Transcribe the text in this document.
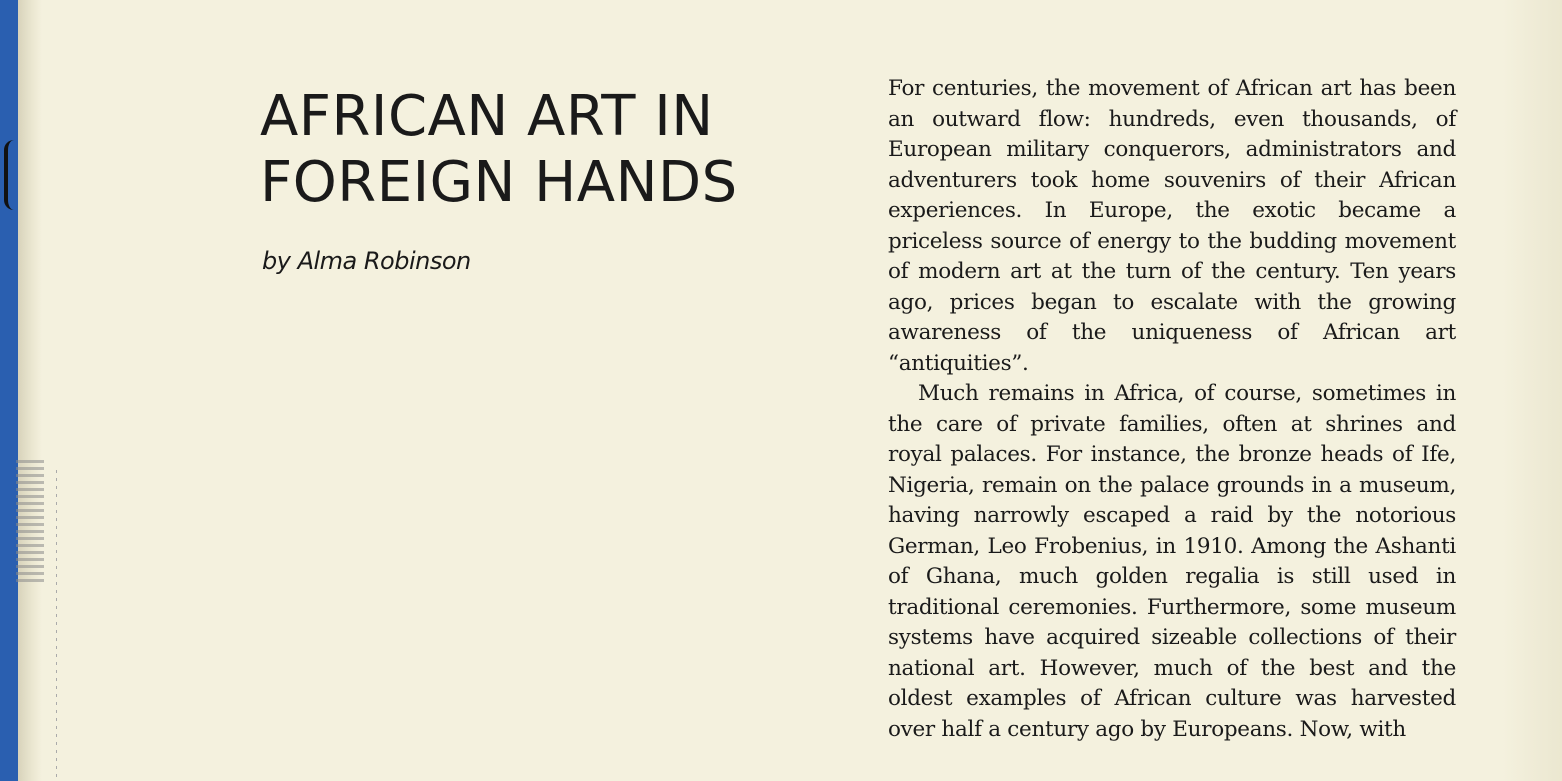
AFRICAN ART IN
FOREIGN HANDS

by Alma Robinson

For centuries, the movement of African art has been an outward flow: hundreds, even thousands, of European military conquerors, administrators and adventurers took home souvenirs of their African experiences. In Europe, the exotic became a priceless source of energy to the budding movement of modern art at the turn of the century. Ten years ago, prices began to escalate with the growing awareness of the uniqueness of African art “antiquities”.

Much remains in Africa, of course, sometimes in the care of private families, often at shrines and royal palaces. For instance, the bronze heads of Ife, Nigeria, remain on the palace grounds in a museum, having narrowly escaped a raid by the notorious German, Leo Frobenius, in 1910. Among the Ashanti of Ghana, much golden regalia is still used in traditional ceremonies. Furthermore, some museum systems have acquired sizeable collections of their national art. However, much of the best and the oldest examples of African culture was harvested over half a century ago by Europeans. Now, with
